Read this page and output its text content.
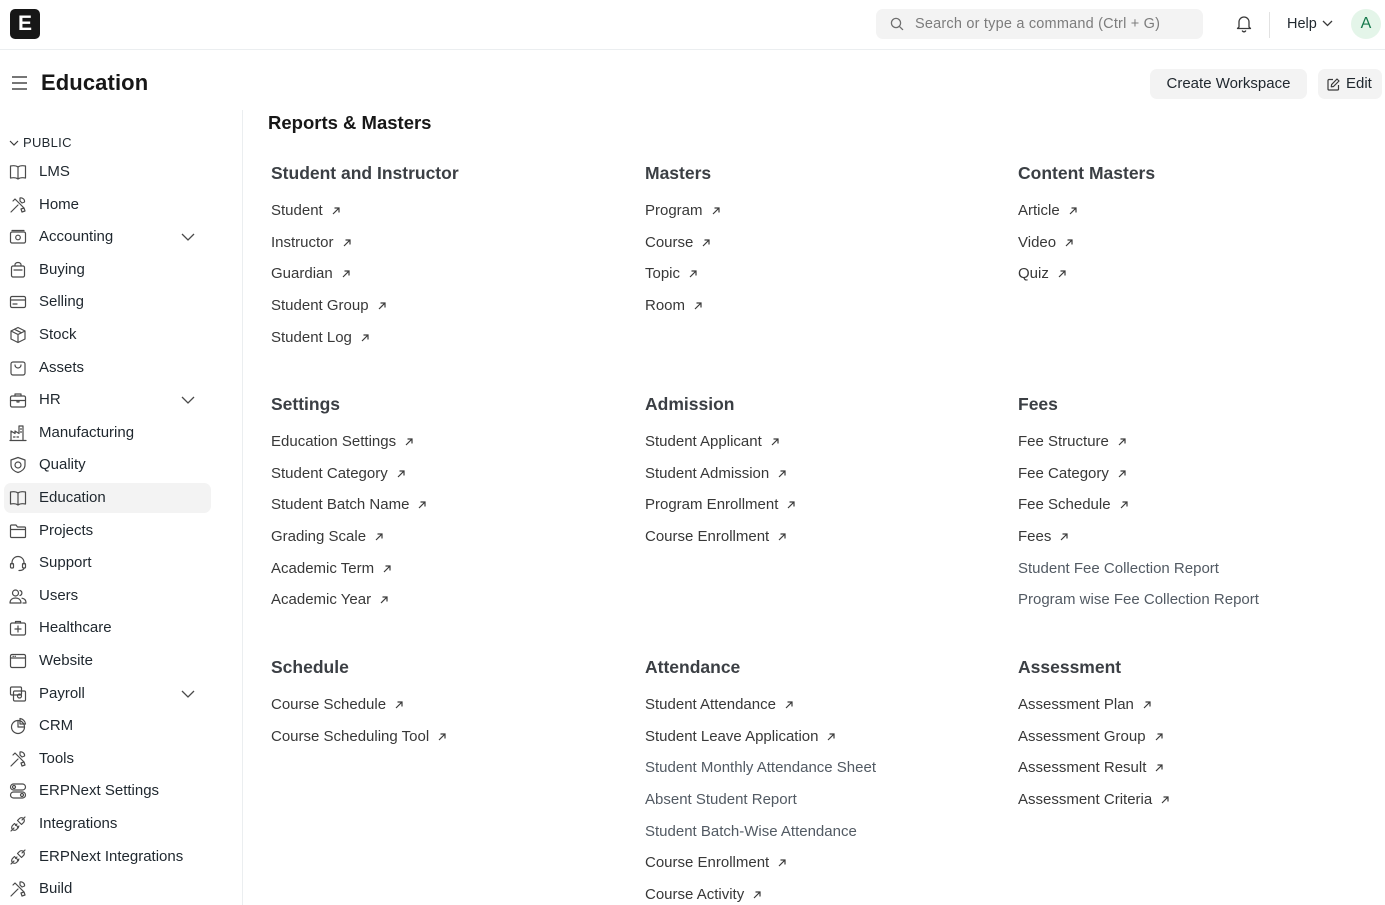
E	Search or type a command (Ctrl + G)	Help	A
Education	Create Workspace	Edit
PUBLIC
LMS
Home
Accounting
Buying
Selling
Stock
Assets
HR
Manufacturing
Quality
Education
Projects
Support
Users
Healthcare
Website
Payroll
CRM
Tools
ERPNext Settings
Integrations
ERPNext Integrations
Build
Reports & Masters
Student and Instructor
Student
Instructor
Guardian
Student Group
Student Log
Masters
Program
Course
Topic
Room
Content Masters
Article
Video
Quiz
Settings
Education Settings
Student Category
Student Batch Name
Grading Scale
Academic Term
Academic Year
Admission
Student Applicant
Student Admission
Program Enrollment
Course Enrollment
Fees
Fee Structure
Fee Category
Fee Schedule
Fees
Student Fee Collection Report
Program wise Fee Collection Report
Schedule
Course Schedule
Course Scheduling Tool
Attendance
Student Attendance
Student Leave Application
Student Monthly Attendance Sheet
Absent Student Report
Student Batch-Wise Attendance
Course Enrollment
Course Activity
Assessment
Assessment Plan
Assessment Group
Assessment Result
Assessment Criteria
